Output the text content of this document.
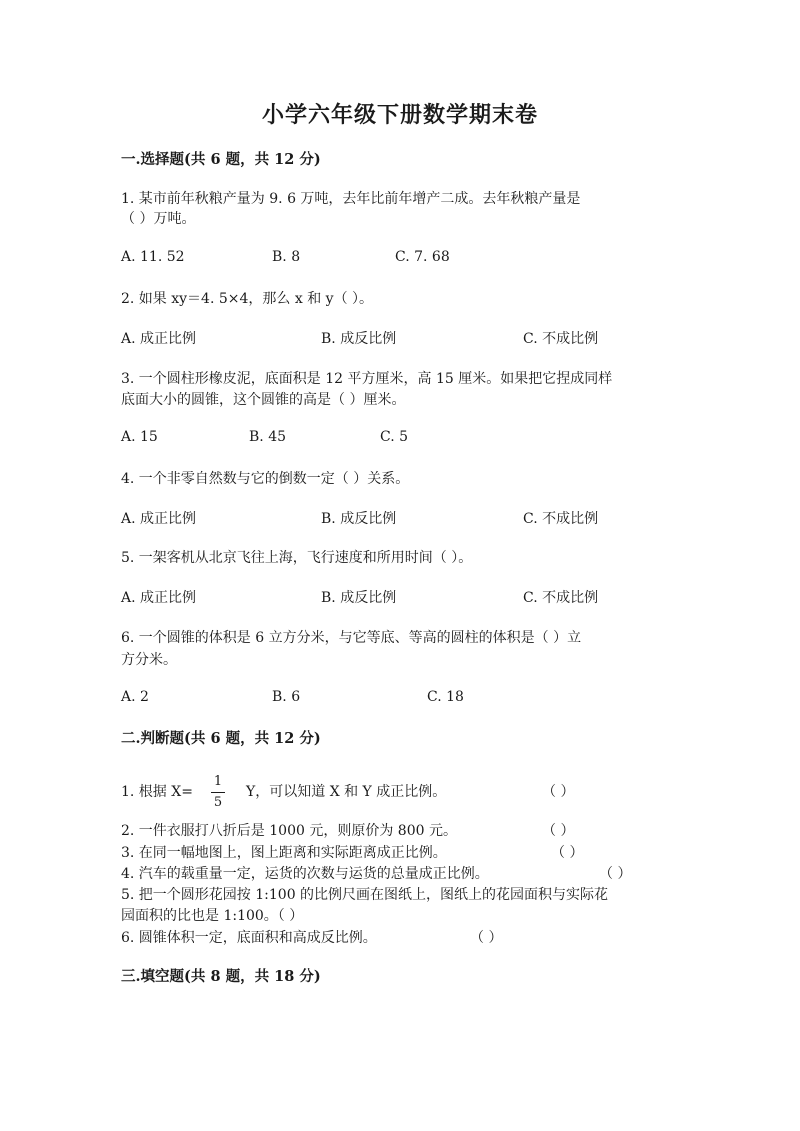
小学六年级下册数学期末卷
一.选择题(共 6 题，共 12 分)
1. 某市前年秋粮产量为 9. 6 万吨，去年比前年增产二成。去年秋粮产量是
（ ）万吨。
A. 11. 52	B. 8	C. 7. 68
2. 如果 xy＝4. 5×4，那么 x 和 y（ ）。
A. 成正比例	B. 成反比例	C. 不成比例
3. 一个圆柱形橡皮泥，底面积是 12 平方厘米，高 15 厘米。如果把它捏成同样
底面大小的圆锥，这个圆锥的高是（ ）厘米。
A. 15	B. 45	C. 5
4. 一个非零自然数与它的倒数一定（ ）关系。
A. 成正比例	B. 成反比例	C. 不成比例
5. 一架客机从北京飞往上海，飞行速度和所用时间（ ）。
A. 成正比例	B. 成反比例	C. 不成比例
6. 一个圆锥的体积是 6 立方分米，与它等底、等高的圆柱的体积是（ ）立
方分米。
A. 2	B. 6	C. 18
二.判断题(共 6 题，共 12 分)
1. 根据 X=
1
5
Y，可以知道 X 和 Y 成正比例。	（ ）
2. 一件衣服打八折后是 1000 元，则原价为 800 元。	（ ）
3. 在同一幅地图上，图上距离和实际距离成正比例。	（ ）
4. 汽车的载重量一定，运货的次数与运货的总量成正比例。	（ ）
5. 把一个圆形花园按 1:100 的比例尺画在图纸上，图纸上的花园面积与实际花
园面积的比也是 1:100。（ ）
6. 圆锥体积一定，底面积和高成反比例。	（ ）
三.填空题(共 8 题，共 18 分)
